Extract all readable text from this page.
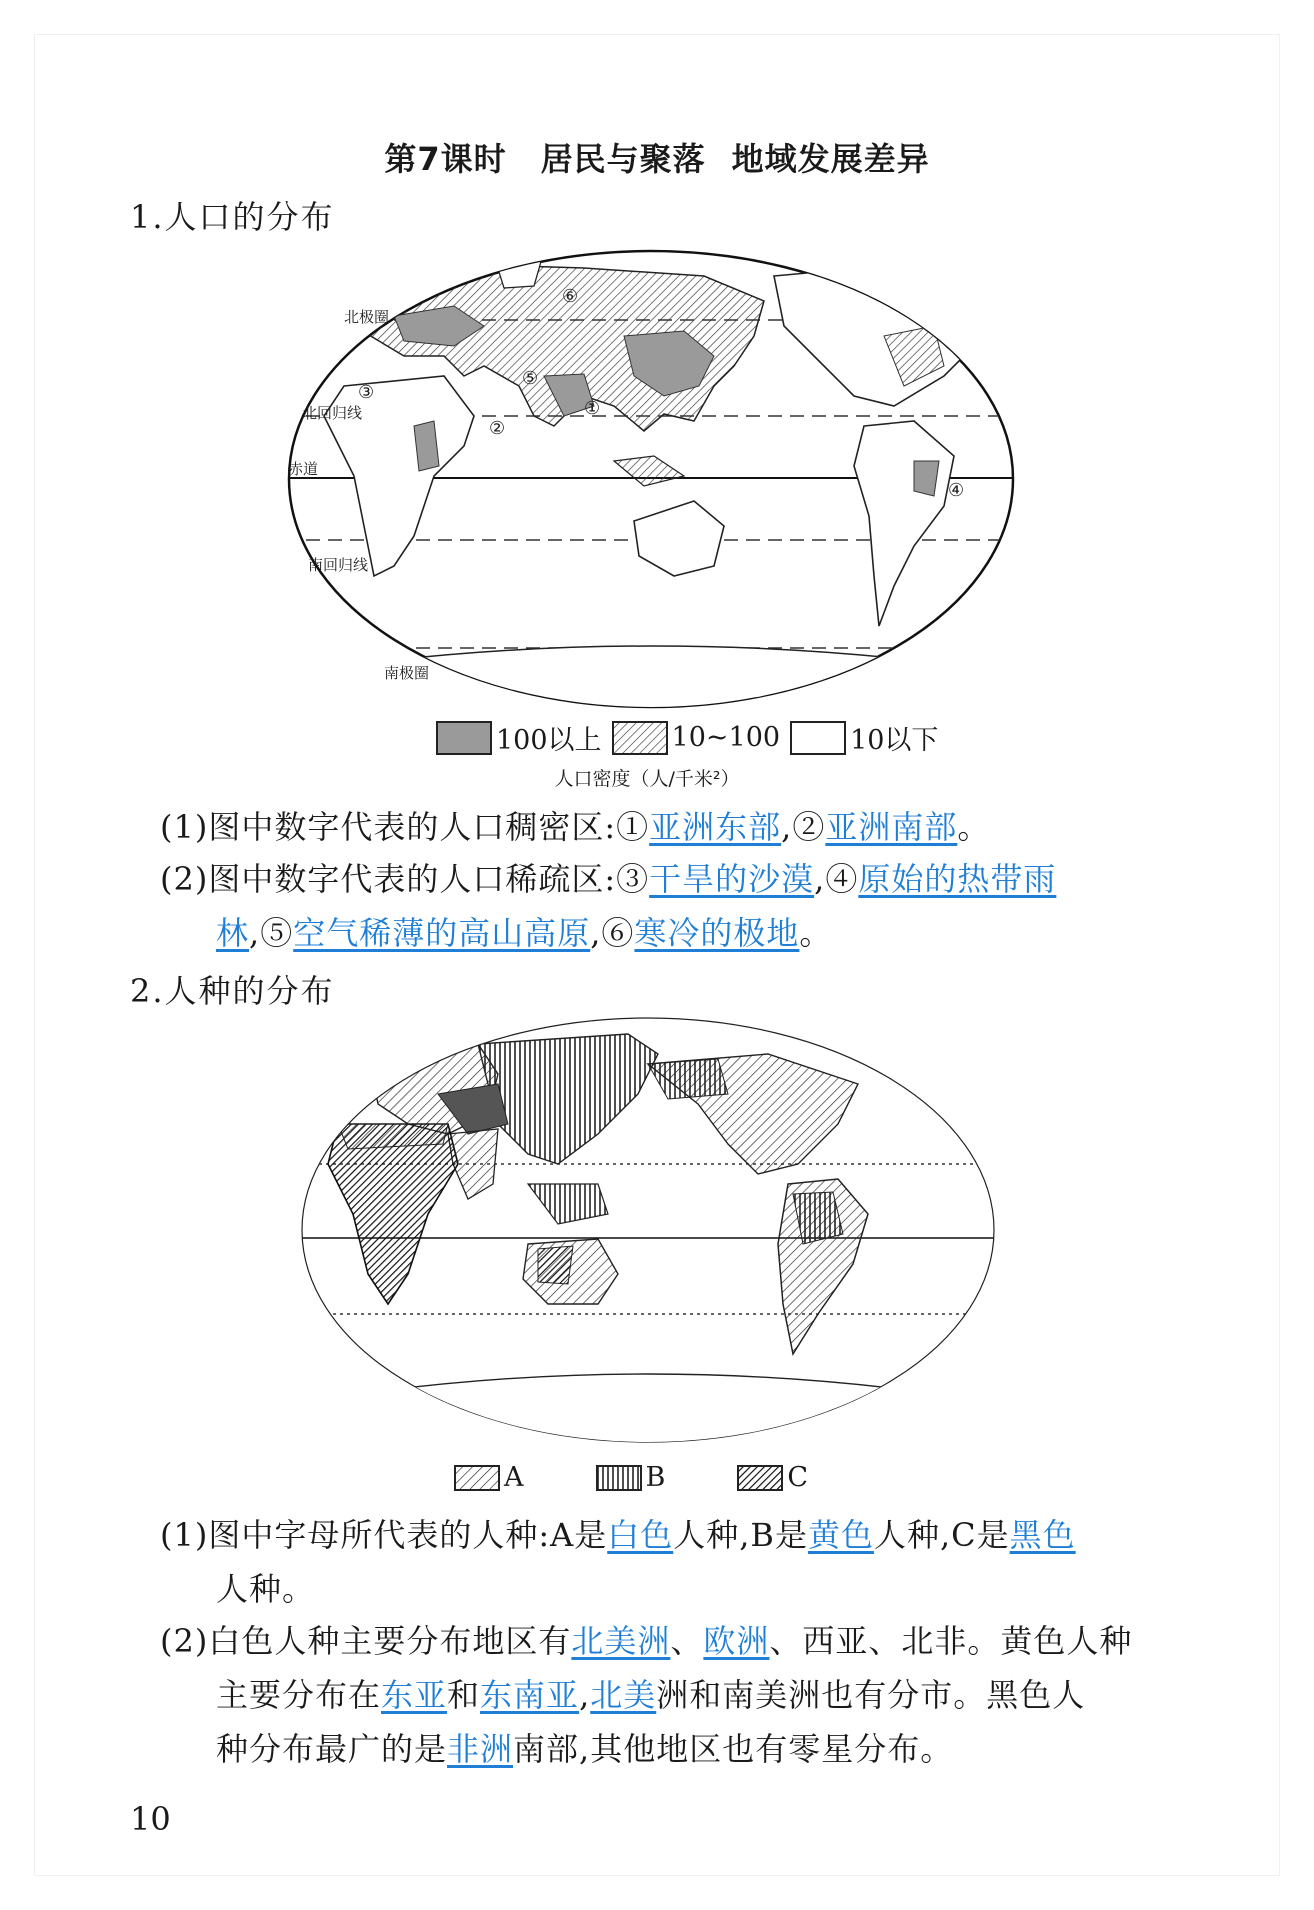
第7课时 居民与聚落 地域发展差异
1.人口的分布
北极圈
北回归线
赤道
南回归线
南极圈
①
②
③
④
⑤
⑥
100以上	10~100	10以下
人口密度（人/千米²）
(1)图中数字代表的人口稠密区:①亚洲东部,②亚洲南部。
(2)图中数字代表的人口稀疏区:③干旱的沙漠,④原始的热带雨
林,⑤空气稀薄的高山高原,⑥寒冷的极地。
2.人种的分布
A	B	C
(1)图中字母所代表的人种:A是白色人种,B是黄色人种,C是黑色
人种。
(2)白色人种主要分布地区有北美洲、欧洲、西亚、北非。黄色人种
主要分布在东亚和东南亚,北美洲和南美洲也有分市。黑色人
种分布最广的是非洲南部,其他地区也有零星分布。
10
